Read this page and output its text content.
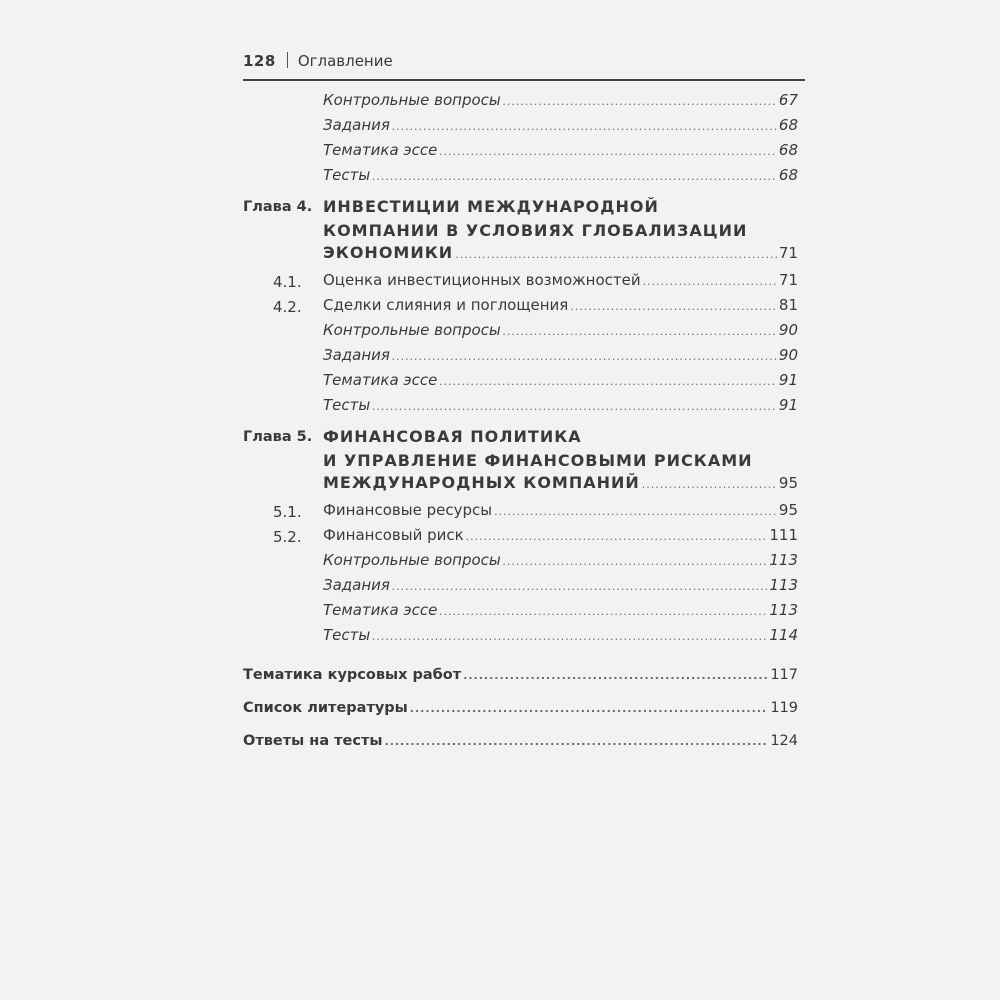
128 Оглавление
Контрольные вопросы .....	67
Задания .....	68
Тематика эссе .....	68
Тесты .....	68
Глава 4. ИНВЕСТИЦИИ МЕЖДУНАРОДНОЙ
КОМПАНИИ В УСЛОВИЯХ ГЛОБАЛИЗАЦИИ
ЭКОНОМИКИ .....	71
4.1. Оценка инвестиционных возможностей .....	71
4.2. Сделки слияния и поглощения .....	81
Контрольные вопросы .....	90
Задания .....	90
Тематика эссе .....	91
Тесты .....	91
Глава 5. ФИНАНСОВАЯ ПОЛИТИКА
И УПРАВЛЕНИЕ ФИНАНСОВЫМИ РИСКАМИ
МЕЖДУНАРОДНЫХ КОМПАНИЙ .....	95
5.1. Финансовые ресурсы .....	95
5.2. Финансовый риск .....	111
Контрольные вопросы .....	113
Задания .....	113
Тематика эссе .....	113
Тесты .....	114
Тематика курсовых работ .....	117
Список литературы .....	119
Ответы на тесты .....	124
